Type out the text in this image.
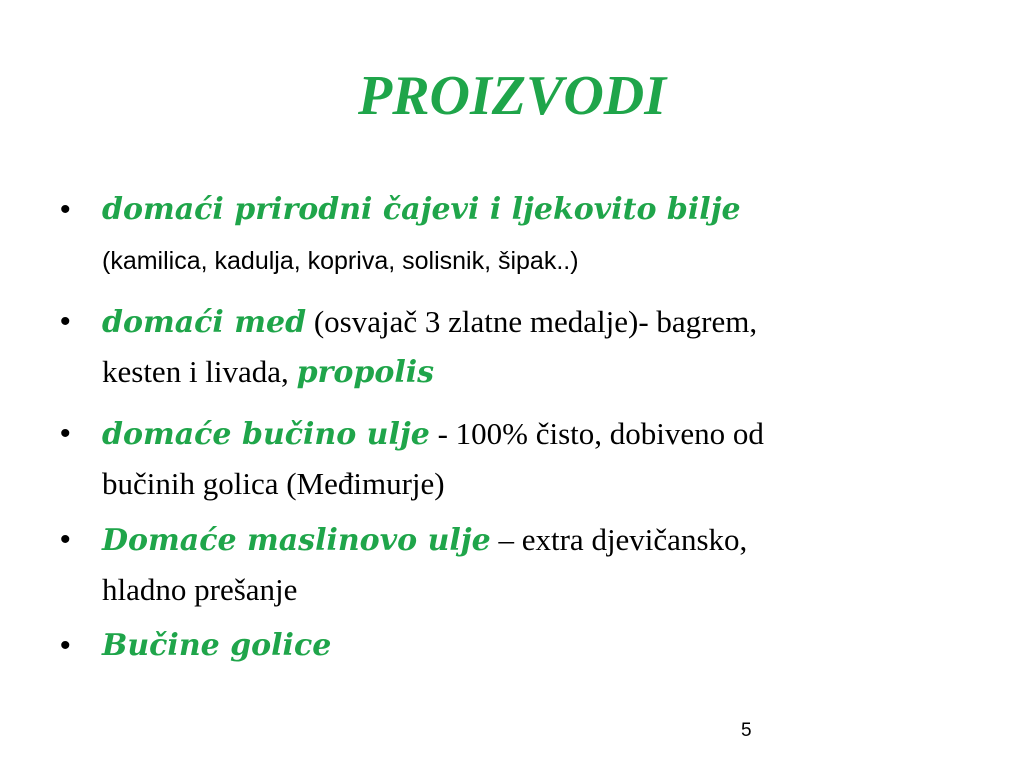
PROIZVODI
• domaći prirodni čajevi i ljekovito bilje
(kamilica, kadulja, kopriva, solisnik, šipak..)
• domaći med (osvajač 3 zlatne medalje)- bagrem,
kesten i livada, propolis
• domaće bučino ulje - 100% čisto, dobiveno od
bučinih golica (Međimurje)
• Domaće maslinovo ulje – extra djevičansko,
hladno prešanje
• Bučine golice
5
